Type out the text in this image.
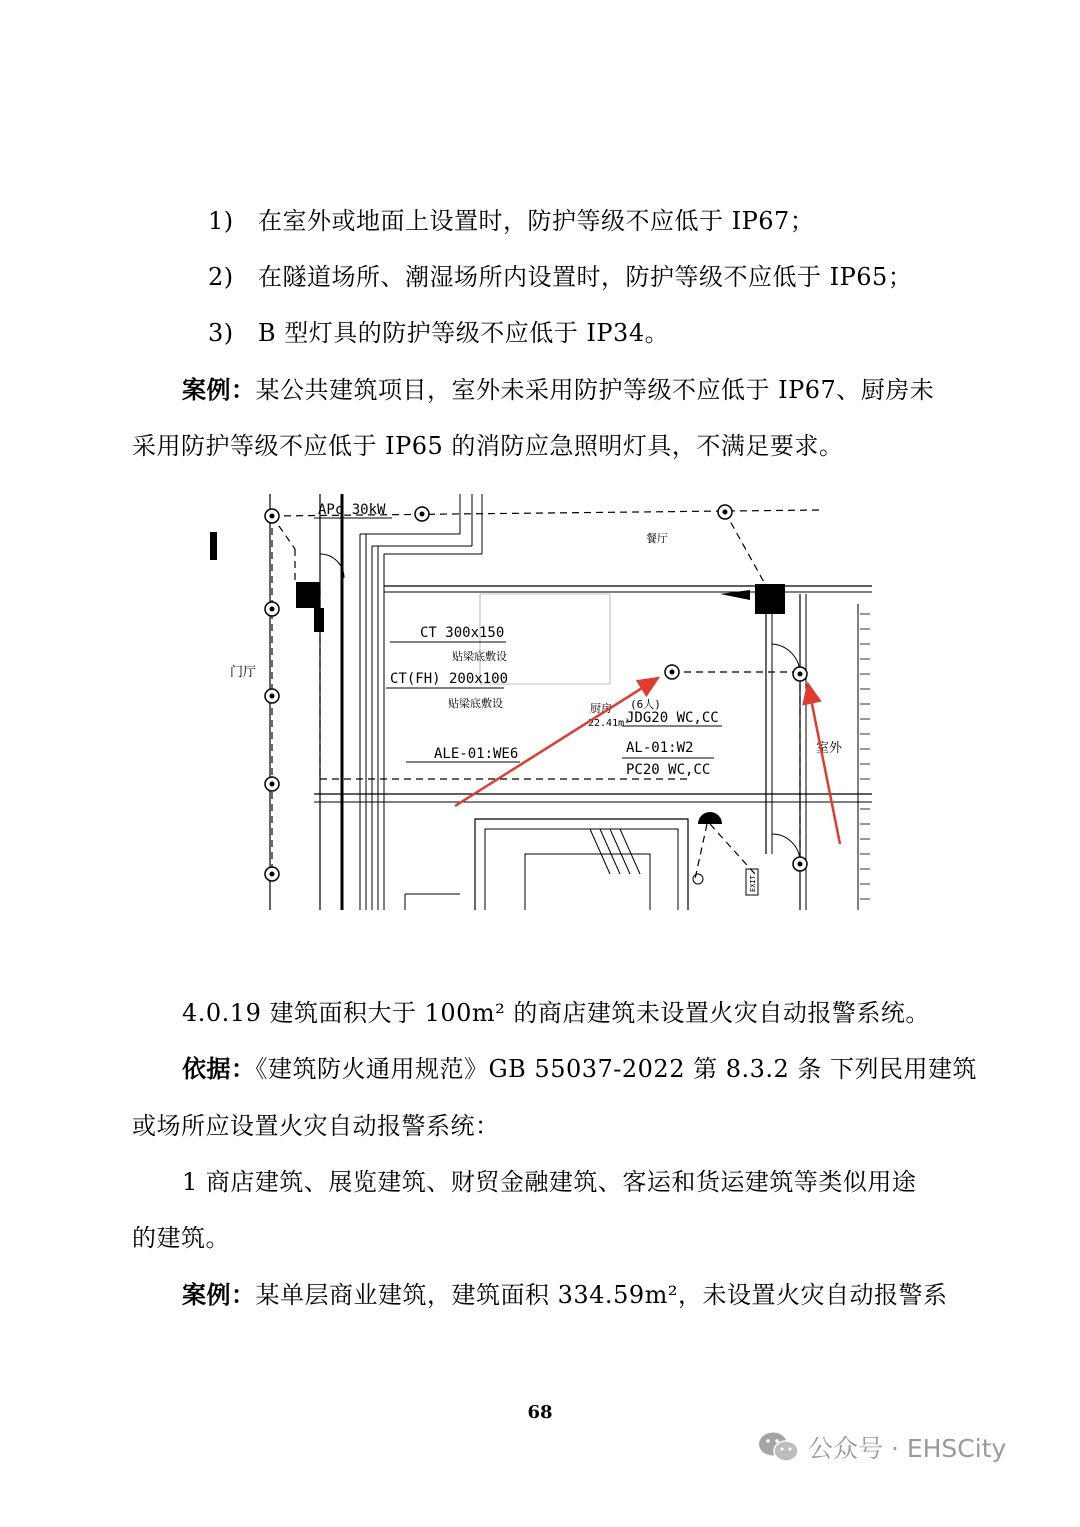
1) 在室外或地面上设置时，防护等级不应低于 IP67；
2) 在隧道场所、潮湿场所内设置时，防护等级不应低于 IP65；
3) B 型灯具的防护等级不应低于 IP34。
案例：某公共建筑项目，室外未采用防护等级不应低于 IP67、厨房未
采用防护等级不应低于 IP65 的消防应急照明灯具，不满足要求。
APc 30kW
CT 300x150
贴梁底敷设
CT(FH) 200x100
贴梁底敷设
ALE-01:WE6
厨房
22.41m²
(6人)
JDG20 WC,CC
AL-01:W2
PC20 WC,CC
门厅
餐厅
室外
EXIT
4.0.19 建筑面积大于 100m² 的商店建筑未设置火灾自动报警系统。
依据：《建筑防火通用规范》GB 55037-2022 第 8.3.2 条 下列民用建筑
或场所应设置火灾自动报警系统：
1 商店建筑、展览建筑、财贸金融建筑、客运和货运建筑等类似用途
的建筑。
案例：某单层商业建筑，建筑面积 334.59m²，未设置火灾自动报警系
68
公众号 · EHSCity
